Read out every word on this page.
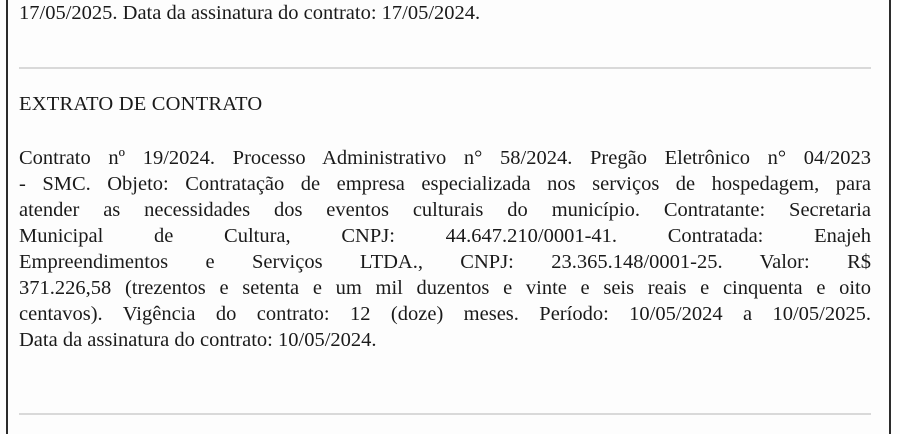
17/05/2025. Data da assinatura do contrato: 17/05/2024.
EXTRATO DE CONTRATO
Contrato nº 19/2024. Processo Administrativo n° 58/2024. Pregão Eletrônico n° 04/2023
- SMC. Objeto: Contratação de empresa especializada nos serviços de hospedagem, para
atender as necessidades dos eventos culturais do município. Contratante: Secretaria
Municipal de Cultura, CNPJ: 44.647.210/0001-41. Contratada: Enajeh
Empreendimentos e Serviços LTDA., CNPJ: 23.365.148/0001-25. Valor: R$
371.226,58 (trezentos e setenta e um mil duzentos e vinte e seis reais e cinquenta e oito
centavos). Vigência do contrato: 12 (doze) meses. Período: 10/05/2024 a 10/05/2025.
Data da assinatura do contrato: 10/05/2024.
